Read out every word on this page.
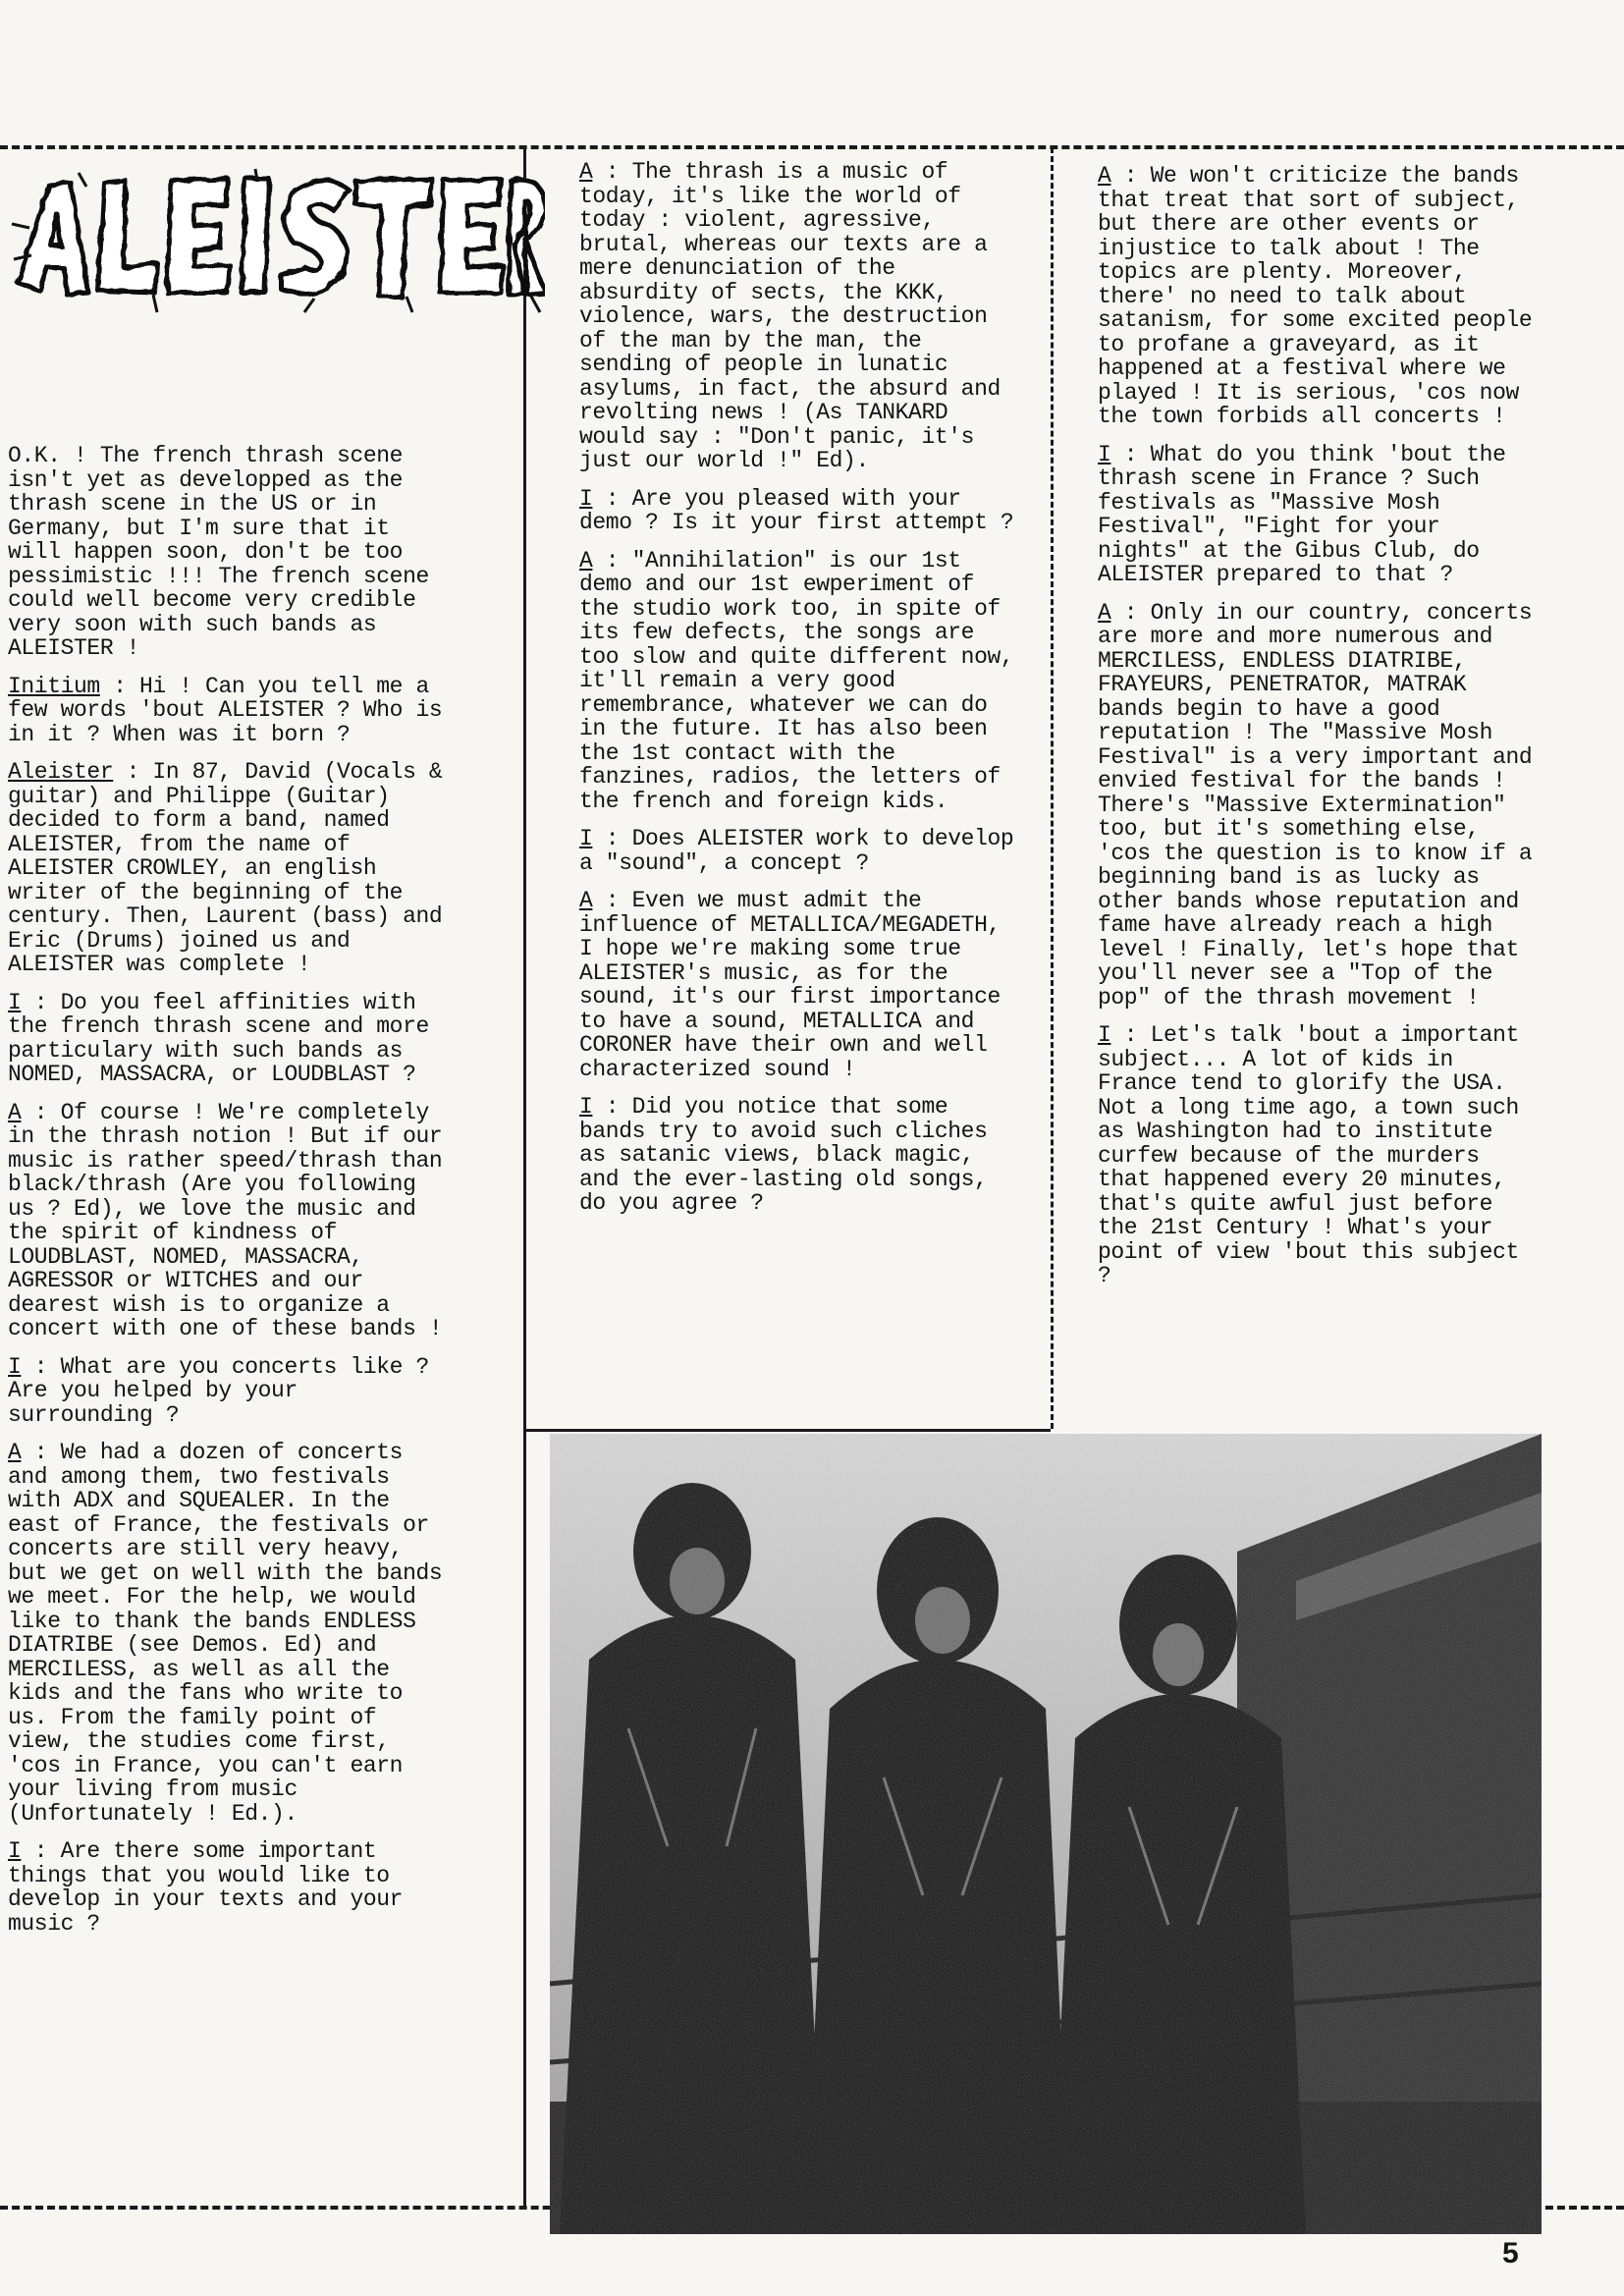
O.K. ! The french thrash scene isn't yet as developped as the thrash scene in the US or in Germany, but I'm sure that it will happen soon, don't be too pessimistic !!! The french scene could well become very credible very soon with such bands as ALEISTER !

Initium : Hi ! Can you tell me a few words 'bout ALEISTER ? Who is in it ? When was it born ?

Aleister : In 87, David (Vocals & guitar) and Philippe (Guitar) decided to form a band, named ALEISTER, from the name of ALEISTER CROWLEY, an english writer of the beginning of the century. Then, Laurent (bass) and Eric (Drums) joined us and ALEISTER was complete !

I : Do you feel affinities with the french thrash scene and more particulary with such bands as NOMED, MASSACRA, or LOUDBLAST ?

A : Of course ! We're completely in the thrash notion ! But if our music is rather speed/thrash than black/thrash (Are you following us ? Ed), we love the music and the spirit of kindness of LOUDBLAST, NOMED, MASSACRA, AGRESSOR or WITCHES and our dearest wish is to organize a concert with one of these bands !

I : What are you concerts like ? Are you helped by your surrounding ?

A : We had a dozen of concerts and among them, two festivals with ADX and SQUEALER. In the east of France, the festivals or concerts are still very heavy, but we get on well with the bands we meet. For the help, we would like to thank the bands ENDLESS DIATRIBE (see Demos. Ed) and MERCILESS, as well as all the kids and the fans who write to us. From the family point of view, the studies come first, 'cos in France, you can't earn your living from music (Unfortunately ! Ed.).

I : Are there some important things that you would like to develop in your texts and your music ?

A : The thrash is a music of today, it's like the world of today : violent, agressive, brutal, whereas our texts are a mere denunciation of the absurdity of sects, the KKK, violence, wars, the destruction of the man by the man, the sending of people in lunatic asylums, in fact, the absurd and revolting news ! (As TANKARD would say : "Don't panic, it's just our world !" Ed).

I : Are you pleased with your demo ? Is it your first attempt ?

A : "Annihilation" is our 1st demo and our 1st ewperiment of the studio work too, in spite of its few defects, the songs are too slow and quite different now, it'll remain a very good remembrance, whatever we can do in the future. It has also been the 1st contact with the fanzines, radios, the letters of the french and foreign kids.

I : Does ALEISTER work to develop a "sound", a concept ?

A : Even we must admit the influence of METALLICA/MEGADETH, I hope we're making some true ALEISTER's music, as for the sound, it's our first importance to have a sound, METALLICA and CORONER have their own and well characterized sound !

I : Did you notice that some bands try to avoid such cliches as satanic views, black magic, and the ever-lasting old songs, do you agree ?

A : We won't criticize the bands that treat that sort of subject, but there are other events or injustice to talk about ! The topics are plenty. Moreover, there' no need to talk about satanism, for some excited people to profane a graveyard, as it happened at a festival where we played ! It is serious, 'cos now the town forbids all concerts !

I : What do you think 'bout the thrash scene in France ? Such festivals as "Massive Mosh Festival", "Fight for your nights" at the Gibus Club, do ALEISTER prepared to that ?

A : Only in our country, concerts are more and more numerous and MERCILESS, ENDLESS DIATRIBE, FRAYEURS, PENETRATOR, MATRAK bands begin to have a good reputation ! The "Massive Mosh Festival" is a very important and envied festival for the bands ! There's "Massive Extermination" too, but it's something else, 'cos the question is to know if a beginning band is as lucky as other bands whose reputation and fame have already reach a high level ! Finally, let's hope that you'll never see a "Top of the pop" of the thrash movement !

I : Let's talk 'bout a important subject... A lot of kids in France tend to glorify the USA. Not a long time ago, a town such as Washington had to institute curfew because of the murders that happened every 20 minutes, that's quite awful just before the 21st Century ! What's your point of view 'bout this subject ?

5
